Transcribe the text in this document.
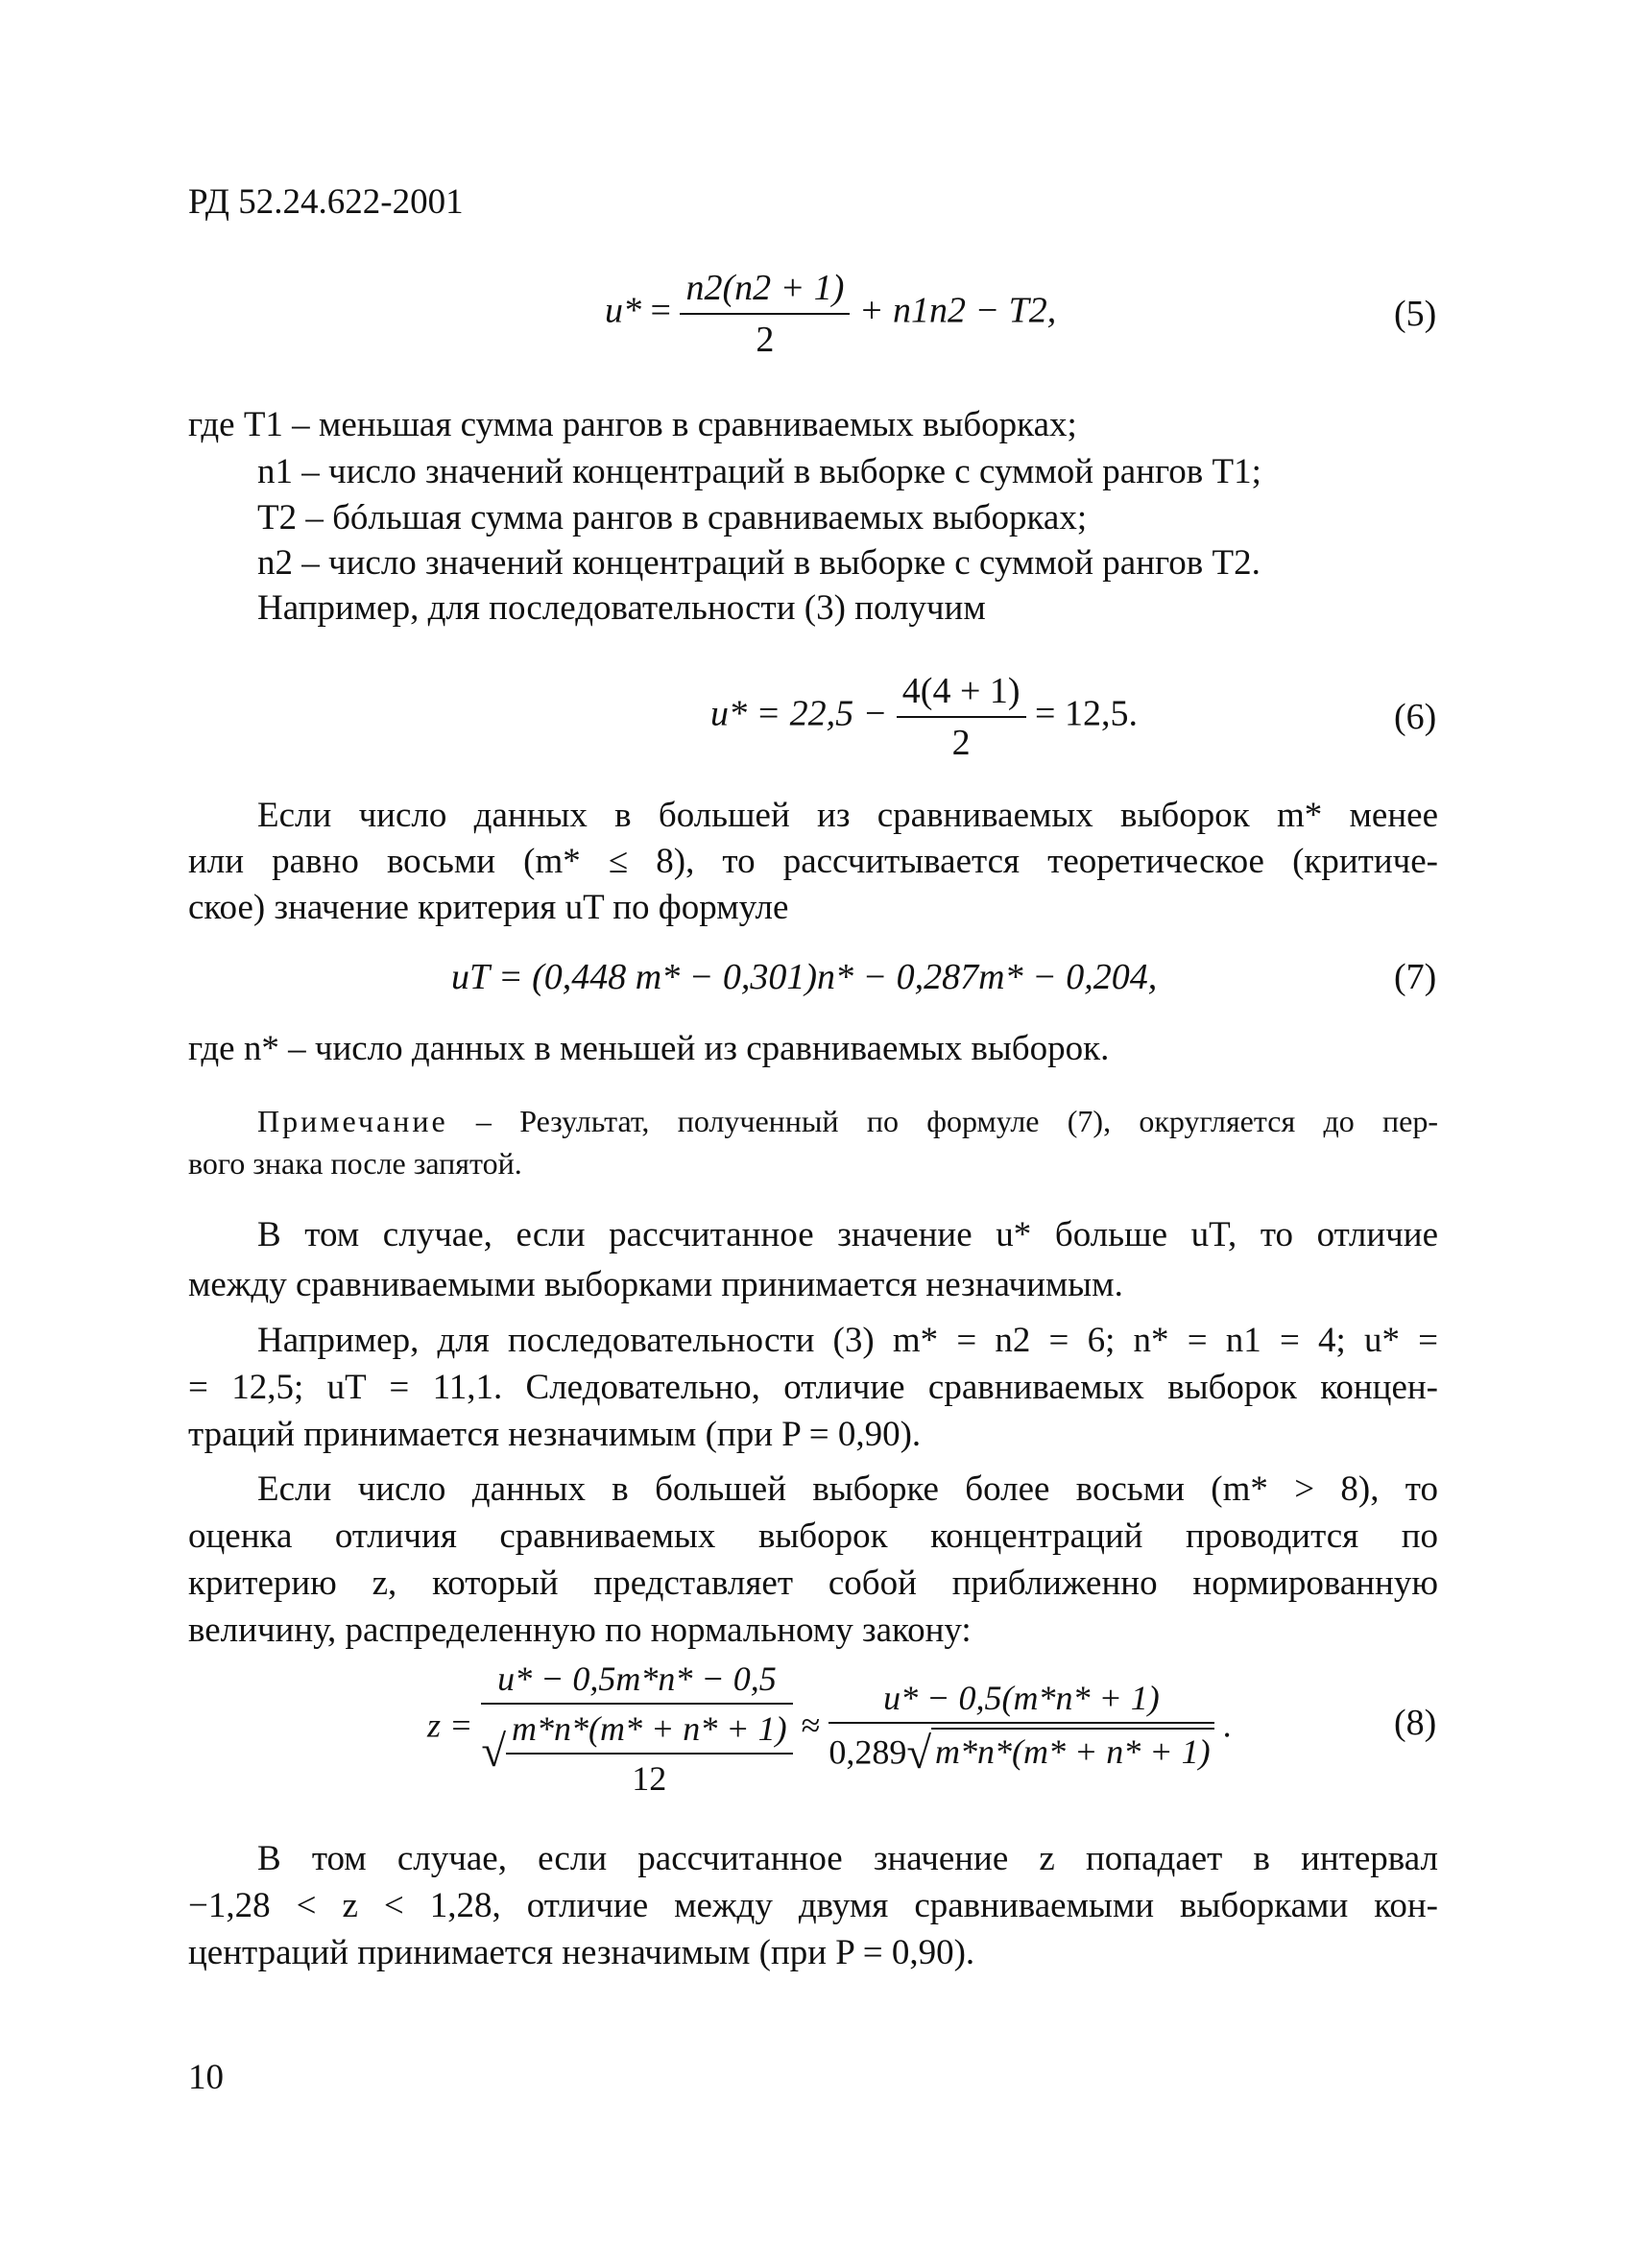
РД 52.24.622-2001
$u* = \frac{n2(n2 + 1)}{2} + n1n2 - T2$,	(5)
где T1 – меньшая сумма рангов в сравниваемых выборках;
n1 – число значений концентраций в выборке с суммой рангов T1;
T2 – бóльшая сумма рангов в сравниваемых выборках;
n2 – число значений концентраций в выборке с суммой рангов T2.
Например, для последовательности (3) получим
$u* = 22,5 - \frac{4(4 + 1)}{2} = 12,5$.	(6)
Если число данных в большей из сравниваемых выборок m* менее
или равно восьми (m* ≤ 8), то рассчитывается теоретическое (критиче-
ское) значение критерия uT по формуле
uT = (0,448 m* − 0,301)n* − 0,287m* − 0,204,	(7)
где n* – число данных в меньшей из сравниваемых выборок.
Примечание – Результат, полученный по формуле (7), округляется до пер-
вого знака после запятой.
В том случае, если рассчитанное значение u* больше uT, то отличие
между сравниваемыми выборками принимается незначимым.
Например, для последовательности (3) m* = n2 = 6; n* = n1 = 4; u* =
= 12,5; uT = 11,1. Следовательно, отличие сравниваемых выборок концен-
траций принимается незначимым (при P = 0,90).
Если число данных в большей выборке более восьми (m* > 8), то
оценка отличия сравниваемых выборок концентраций проводится по
критерию z, который представляет собой приближенно нормированную
величину, распределенную по нормальному закону:
$z = \frac{u* - 0,5m*n* - 0,5}{√ \frac{m*n*(m* + n* + 1)}{12}} \approx \frac{u* - 0,5(m*n* + 1)}{0,289√ m*n*(m* + n* + 1)}$ .	(8)
В том случае, если рассчитанное значение z попадает в интервал
−1,28 < z < 1,28, отличие между двумя сравниваемыми выборками кон-
центраций принимается незначимым (при P = 0,90).
10
